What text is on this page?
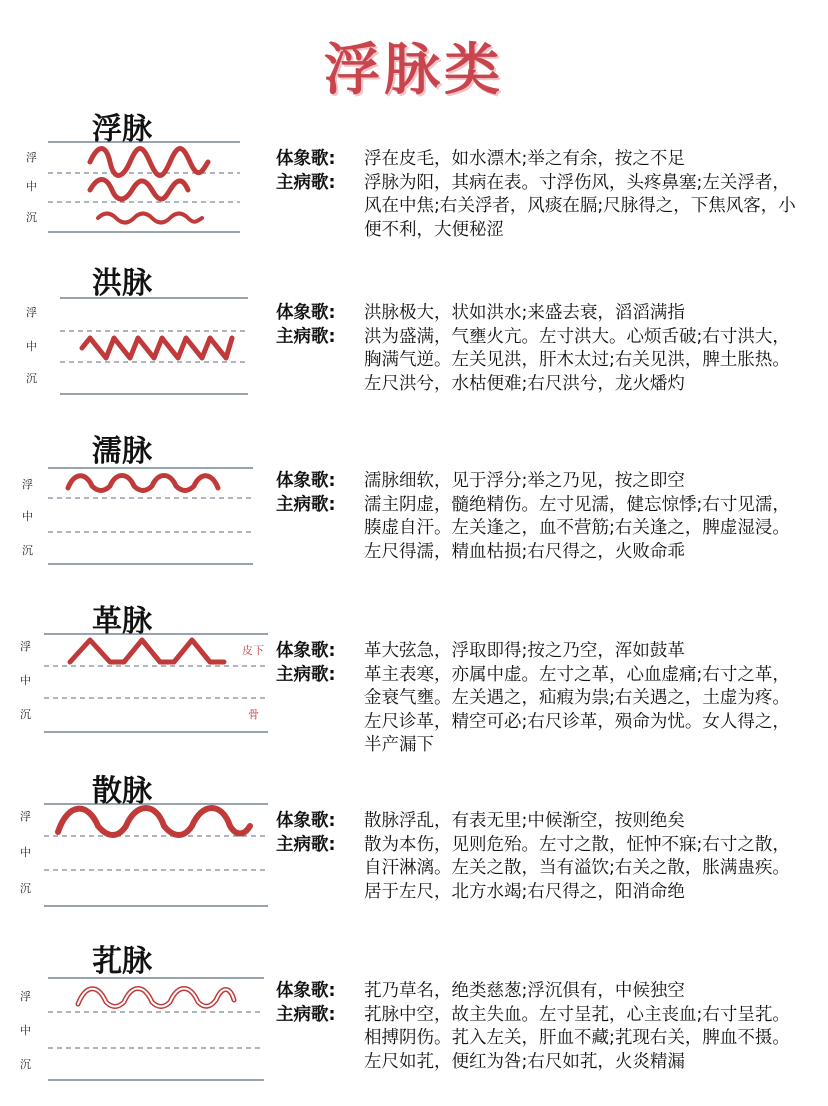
浮脉类
浮脉
浮
中
沉
体象歌:	浮在皮毛，如水漂木;举之有余，按之不足
主病歌:	浮脉为阳，其病在表。寸浮伤风，头疼鼻塞;左关浮者，风在中焦;右关浮者，风痰在膈;尺脉得之，下焦风客，小便不利，大便秘涩
洪脉
浮
中
沉
体象歌:	洪脉极大，状如洪水;来盛去衰，滔滔满指
主病歌:	洪为盛满，气壅火亢。左寸洪大。心烦舌破;右寸洪大，胸满气逆。左关见洪，肝木太过;右关见洪，脾土胀热。左尺洪兮，水枯便难;右尺洪兮，龙火燔灼
濡脉
浮
中
沉
体象歌:	濡脉细软，见于浮分;举之乃见，按之即空
主病歌:	濡主阴虚，髓绝精伤。左寸见濡，健忘惊悸;右寸见濡，腠虚自汗。左关逢之，血不营筋;右关逢之，脾虚湿浸。左尺得濡，精血枯损;右尺得之，火败命乖
革脉
浮
中
沉
皮下
骨
体象歌:	革大弦急，浮取即得;按之乃空，浑如鼓革
主病歌:	革主表寒，亦属中虚。左寸之革，心血虚痛;右寸之革，金衰气壅。左关遇之，疝瘕为祟;右关遇之，土虚为疼。左尺诊革，精空可必;右尺诊革，殒命为忧。女人得之，半产漏下
散脉
浮
中
沉
体象歌:	散脉浮乱，有表无里;中候渐空，按则绝矣
主病歌:	散为本伤，见则危殆。左寸之散，怔忡不寐;右寸之散，自汗淋漓。左关之散，当有溢饮;右关之散，胀满蛊疾。居于左尺，北方水竭;右尺得之，阳消命绝
芤脉
浮
中
沉
体象歌:	芤乃草名，绝类慈葱;浮沉俱有，中候独空
主病歌:	芤脉中空，故主失血。左寸呈芤，心主丧血;右寸呈芤。相搏阴伤。芤入左关，肝血不藏;芤现右关，脾血不摄。左尺如芤，便红为咎;右尺如芤，火炎精漏
